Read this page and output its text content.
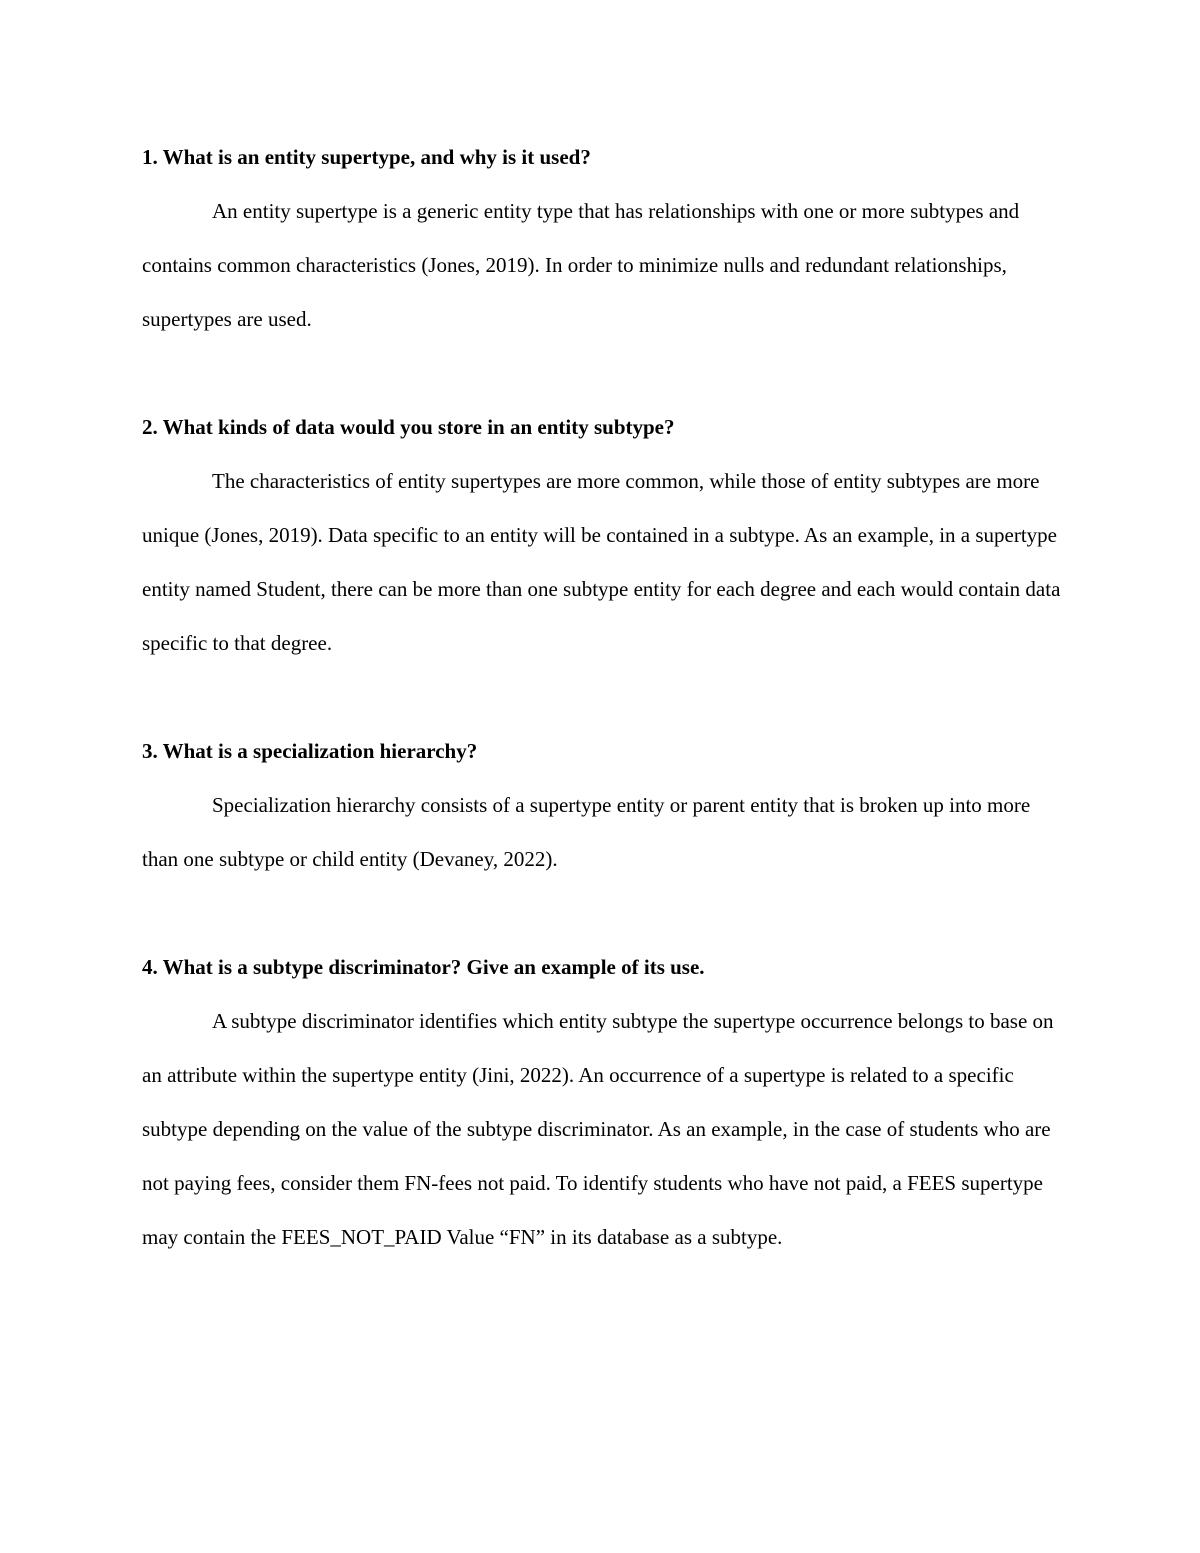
1. What is an entity supertype, and why is it used?

An entity supertype is a generic entity type that has relationships with one or more subtypes and contains common characteristics (Jones, 2019). In order to minimize nulls and redundant relationships, supertypes are used.

2. What kinds of data would you store in an entity subtype?

The characteristics of entity supertypes are more common, while those of entity subtypes are more unique (Jones, 2019). Data specific to an entity will be contained in a subtype. As an example, in a supertype entity named Student, there can be more than one subtype entity for each degree and each would contain data specific to that degree.

3. What is a specialization hierarchy?

Specialization hierarchy consists of a supertype entity or parent entity that is broken up into more than one subtype or child entity (Devaney, 2022).

4. What is a subtype discriminator? Give an example of its use.

A subtype discriminator identifies which entity subtype the supertype occurrence belongs to base on an attribute within the supertype entity (Jini, 2022). An occurrence of a supertype is related to a specific subtype depending on the value of the subtype discriminator. As an example, in the case of students who are not paying fees, consider them FN-fees not paid. To identify students who have not paid, a FEES supertype may contain the FEES_NOT_PAID Value “FN” in its database as a subtype.
